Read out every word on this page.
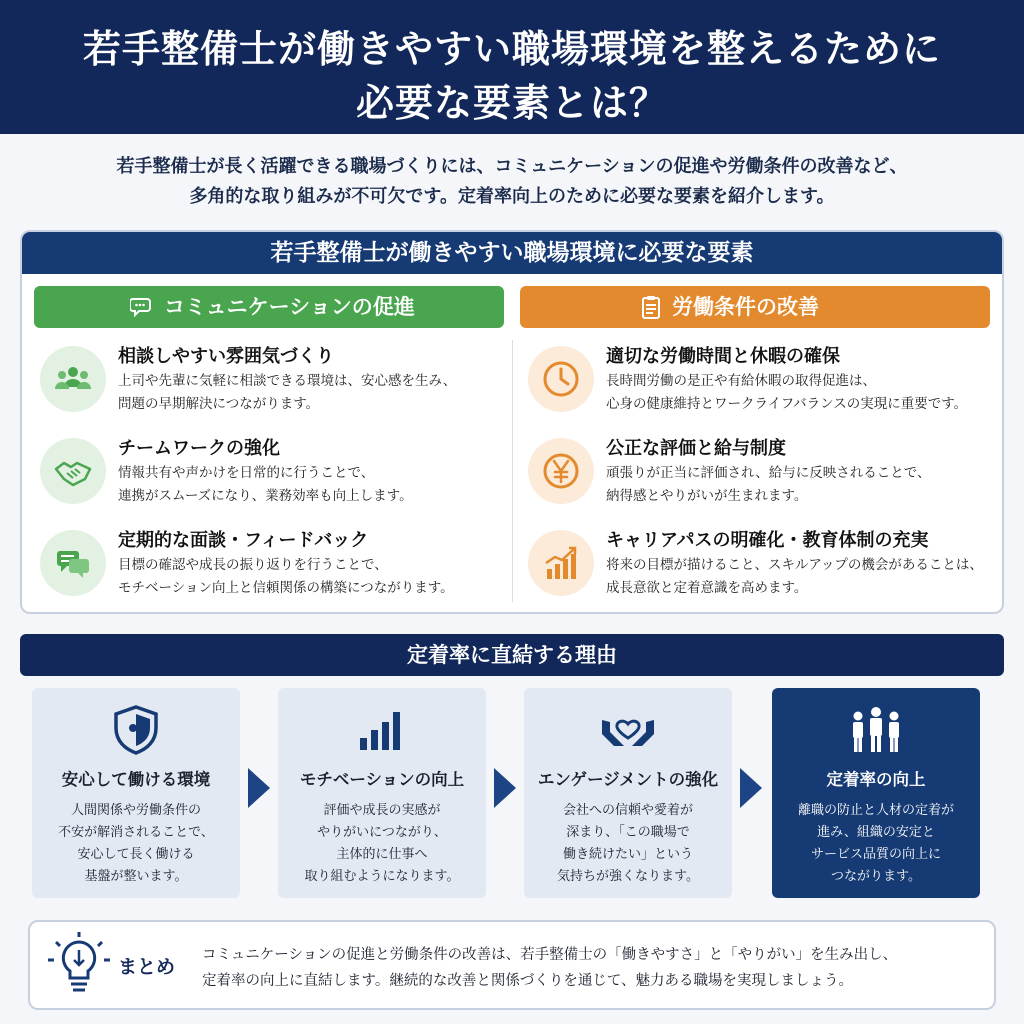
若手整備士が働きやすい職場環境を整えるために
必要な要素とは？
若手整備士が長く活躍できる職場づくりには、コミュニケーションの促進や労働条件の改善など、
多角的な取り組みが不可欠です。定着率向上のために必要な要素を紹介します。
若手整備士が働きやすい職場環境に必要な要素
コミュニケーションの促進	労働条件の改善
相談しやすい雰囲気づくり
上司や先輩に気軽に相談できる環境は、安心感を生み、
問題の早期解決につながります。
チームワークの強化
情報共有や声かけを日常的に行うことで、
連携がスムーズになり、業務効率も向上します。
定期的な面談・フィードバック
目標の確認や成長の振り返りを行うことで、
モチベーション向上と信頼関係の構築につながります。
適切な労働時間と休暇の確保
長時間労働の是正や有給休暇の取得促進は、
心身の健康維持とワークライフバランスの実現に重要です。
公正な評価と給与制度
頑張りが正当に評価され、給与に反映されることで、
納得感とやりがいが生まれます。
キャリアパスの明確化・教育体制の充実
将来の目標が描けること、スキルアップの機会があることは、
成長意欲と定着意識を高めます。
定着率に直結する理由
安心して働ける環境
人間関係や労働条件の
不安が解消されることで、
安心して長く働ける
基盤が整います。
モチベーションの向上
評価や成長の実感が
やりがいにつながり、
主体的に仕事へ
取り組むようになります。
エンゲージメントの強化
会社への信頼や愛着が
深まり、「この職場で
働き続けたい」という
気持ちが強くなります。
定着率の向上
離職の防止と人材の定着が
進み、組織の安定と
サービス品質の向上に
つながります。
まとめ
コミュニケーションの促進と労働条件の改善は、若手整備士の「働きやすさ」と「やりがい」を生み出し、
定着率の向上に直結します。継続的な改善と関係づくりを通じて、魅力ある職場を実現しましょう。
